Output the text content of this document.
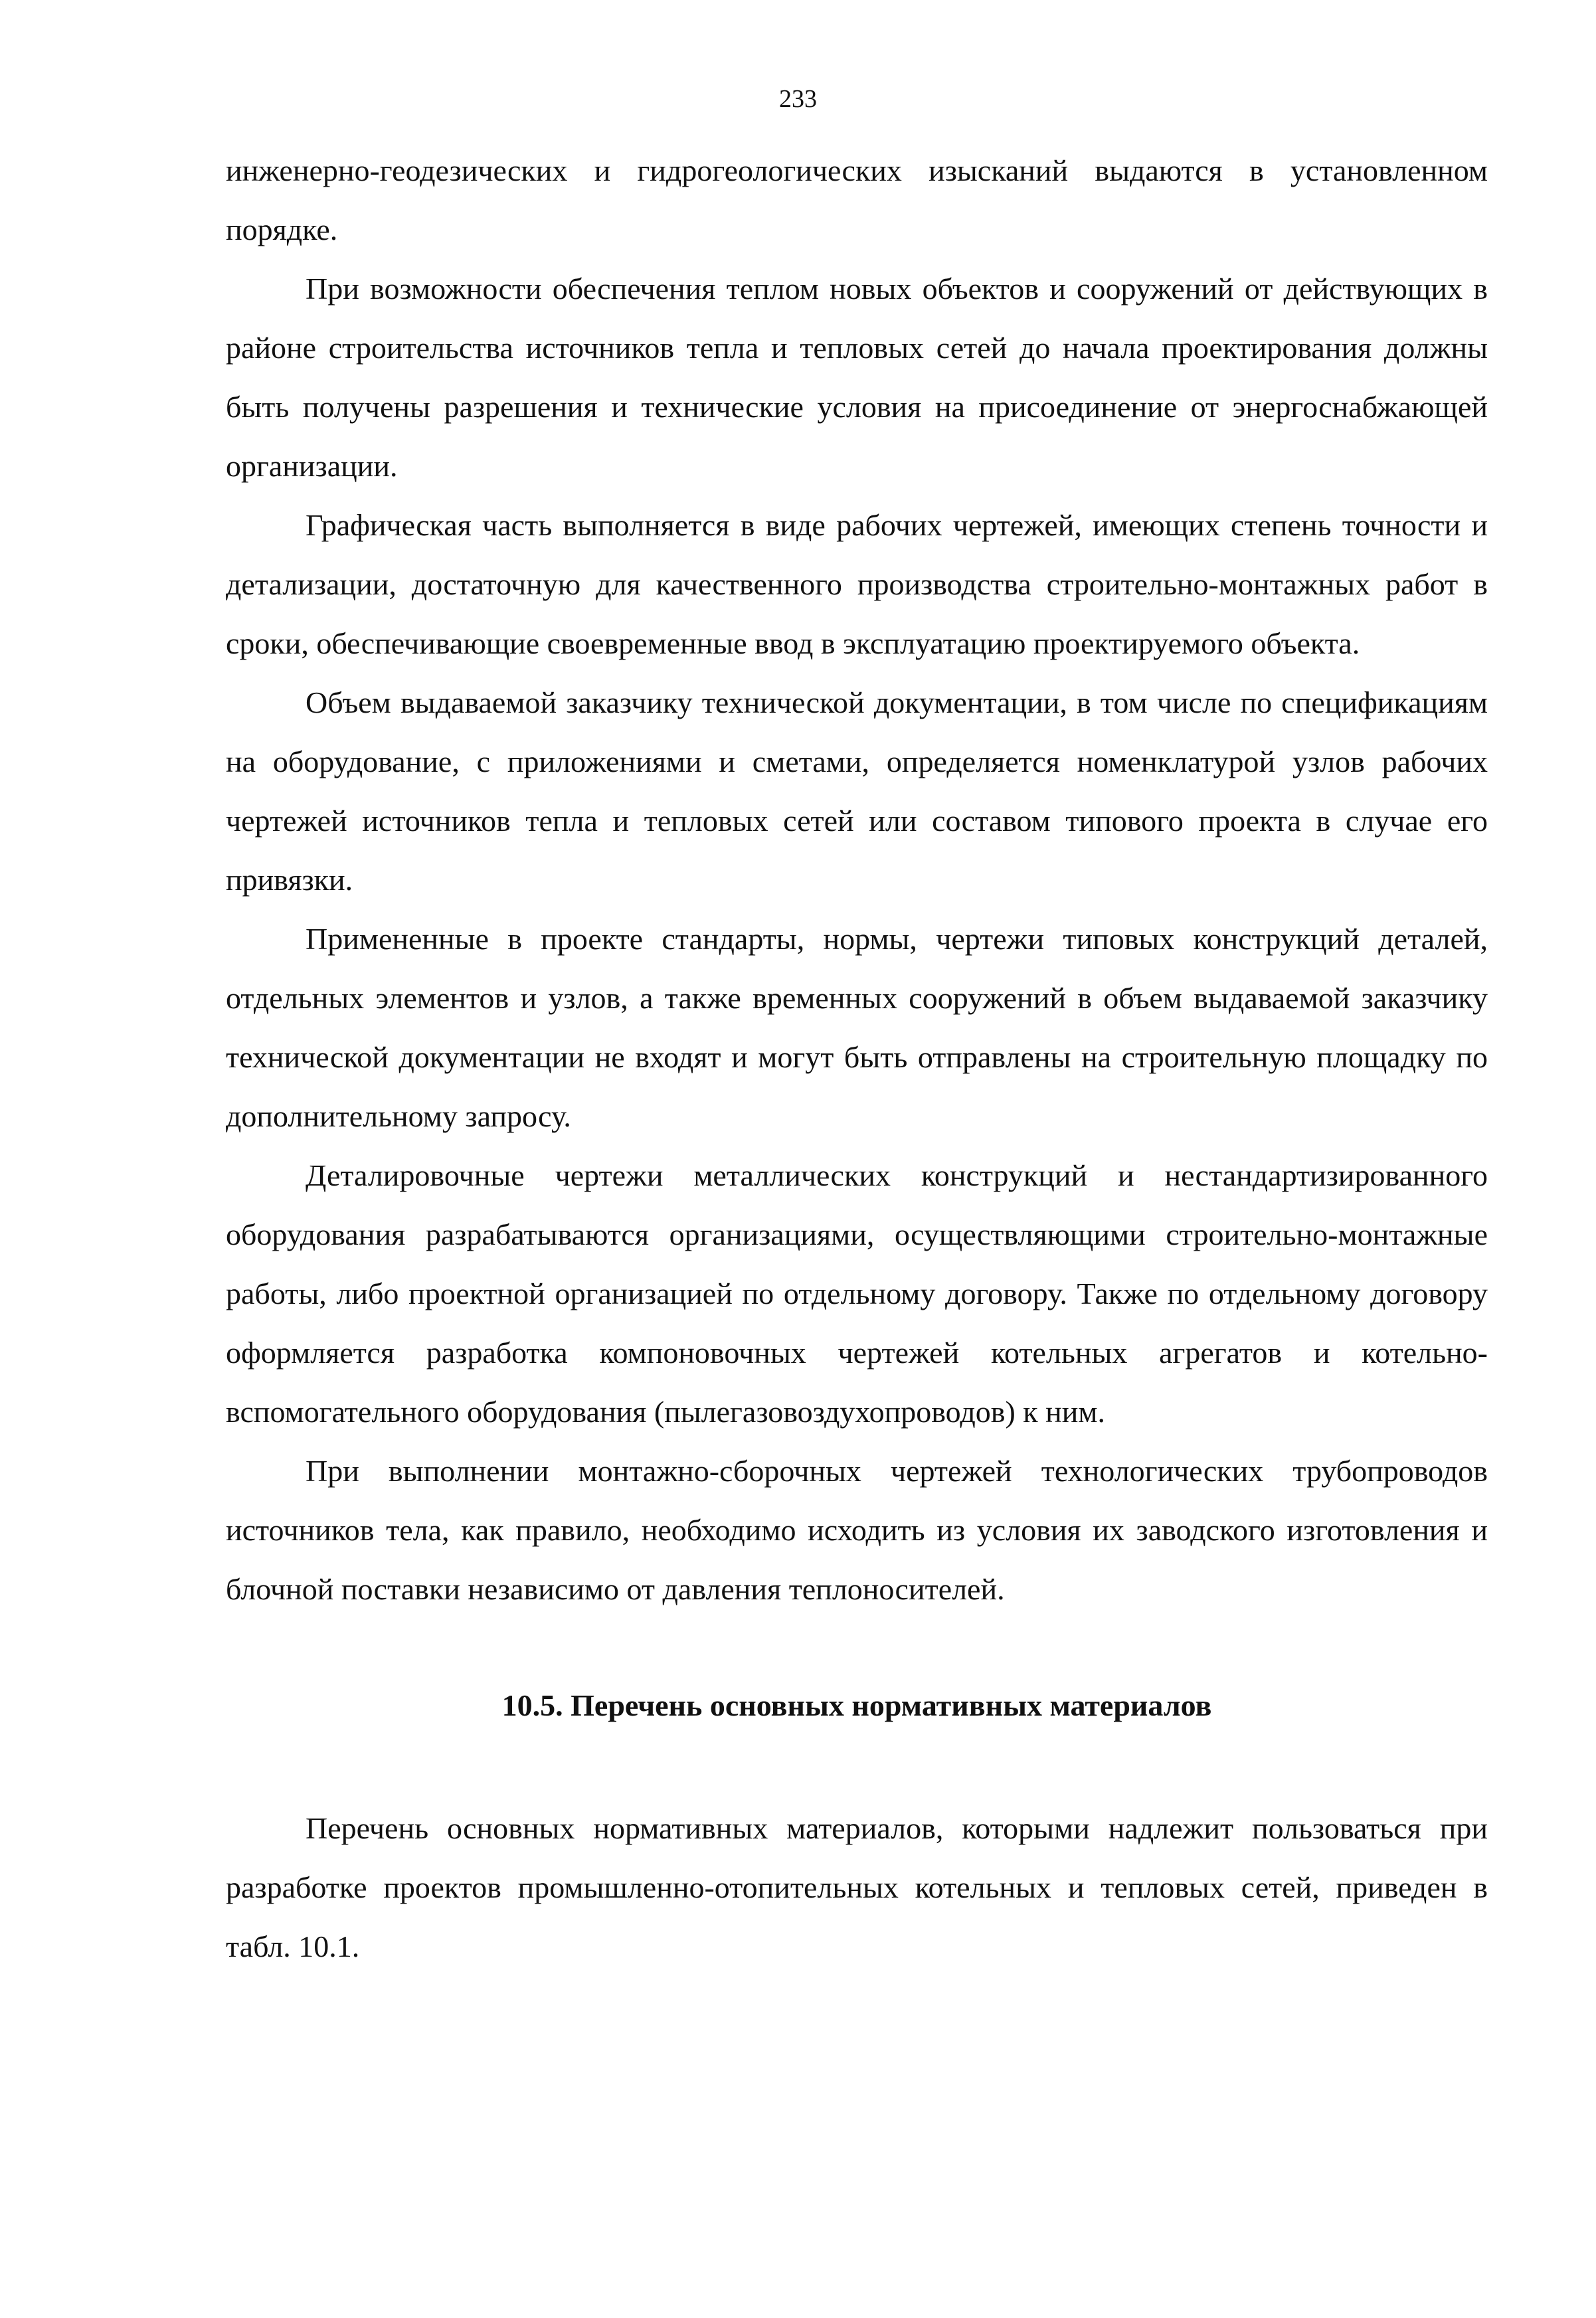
233

инженерно-геодезических и гидрогеологических изысканий выдаются в установленном порядке.

При возможности обеспечения теплом новых объектов и сооружений от действующих в районе строительства источников тепла и тепловых сетей до начала проектирования должны быть получены разрешения и технические условия на присоединение от энергоснабжающей организации.

Графическая часть выполняется в виде рабочих чертежей, имеющих степень точности и детализации, достаточную для качественного производства строительно-монтажных работ в сроки, обеспечивающие своевременные ввод в эксплуатацию проектируемого объекта.

Объем выдаваемой заказчику технической документации, в том числе по спецификациям на оборудование, с приложениями и сметами, определяется номенклатурой узлов рабочих чертежей источников тепла и тепловых сетей или составом типового проекта в случае его привязки.

Примененные в проекте стандарты, нормы, чертежи типовых конструкций деталей, отдельных элементов и узлов, а также временных сооружений в объем выдаваемой заказчику технической документации не входят и могут быть отправлены на строительную площадку по дополнительному запросу.

Деталировочные чертежи металлических конструкций и нестандартизированного оборудования разрабатываются организациями, осуществляющими строительно-монтажные работы, либо проектной организацией по отдельному договору. Также по отдельному договору оформляется разработка компоновочных чертежей котельных агрегатов и котельно-вспомогательного оборудования (пылегазовоздухопроводов) к ним.

При выполнении монтажно-сборочных чертежей технологических трубопроводов источников тела, как правило, необходимо исходить из условия их заводского изготовления и блочной поставки независимо от давления теплоносителей.

10.5. Перечень основных нормативных материалов

Перечень основных нормативных материалов, которыми надлежит пользоваться при разработке проектов промышленно-отопительных котельных и тепловых сетей, приведен в табл. 10.1.
